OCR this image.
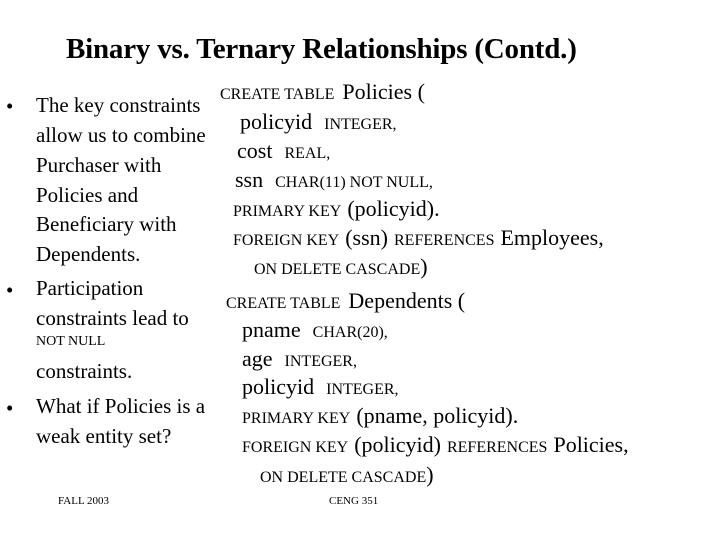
Binary vs. Ternary Relationships (Contd.)
• The key constraints
allow us to combine
Purchaser with
Policies and
Beneficiary with
Dependents.
• Participation
constraints lead to
NOT NULL
constraints.
• What if Policies is a
weak entity set?
CREATE TABLE Policies (
policyid INTEGER,
cost REAL,
ssn CHAR(11) NOT NULL,
PRIMARY KEY (policyid).
FOREIGN KEY (ssn) REFERENCES Employees,
ON DELETE CASCADE)
CREATE TABLE Dependents (
pname CHAR(20),
age INTEGER,
policyid INTEGER,
PRIMARY KEY (pname, policyid).
FOREIGN KEY (policyid) REFERENCES Policies,
ON DELETE CASCADE)
FALL 2003	CENG 351
